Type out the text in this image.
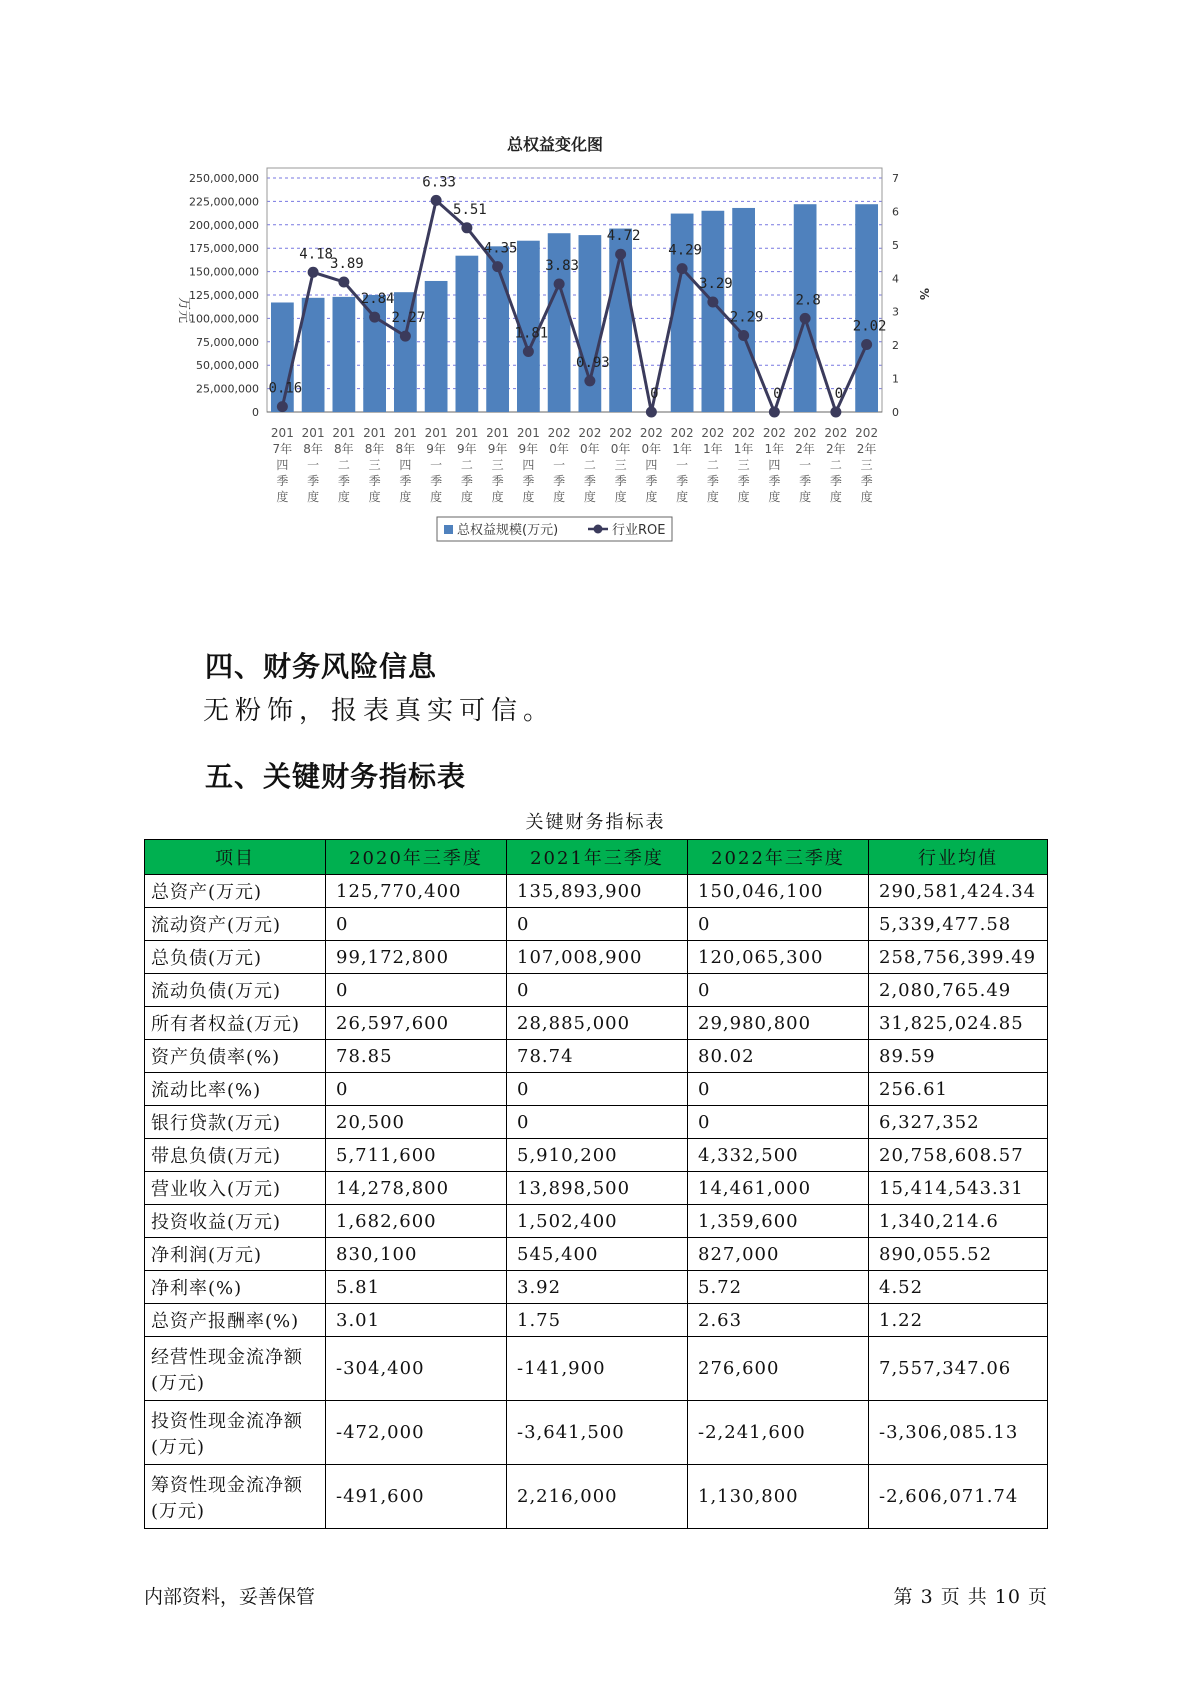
总权益变化图
250,000,000
225,000,000
200,000,000
175,000,000
150,000,000
125,000,000
100,000,000
75,000,000
50,000,000
25,000,000
0
7
6
5
4
3
2
1
0
万元
%
201
7年
四
季
度
201
8年
一
季
度
201
8年
二
季
度
201
8年
三
季
度
201
8年
四
季
度
201
9年
一
季
度
201
9年
二
季
度
201
9年
三
季
度
201
9年
四
季
度
202
0年
一
季
度
202
0年
二
季
度
202
0年
三
季
度
202
0年
四
季
度
202
1年
一
季
度
202
1年
二
季
度
202
1年
三
季
度
202
1年
四
季
度
202
2年
一
季
度
202
2年
二
季
度
202
2年
三
季
度
0.16
4.18
3.89
2.84
2.27
6.33
5.51
4.35
1.81
3.83
0.93
4.72
0
4.29
3.29
2.29
0
2.8
0
2.02
总权益规模(万元)	行业ROE
四、财务风险信息
无粉饰，报表真实可信。
五、关键财务指标表
关键财务指标表
项目	2020年三季度	2021年三季度	2022年三季度	行业均值
总资产(万元)	125,770,400	135,893,900	150,046,100	290,581,424.34
流动资产(万元)	0	0	0	5,339,477.58
总负债(万元)	99,172,800	107,008,900	120,065,300	258,756,399.49
流动负债(万元)	0	0	0	2,080,765.49
所有者权益(万元)	26,597,600	28,885,000	29,980,800	31,825,024.85
资产负债率(%)	78.85	78.74	80.02	89.59
流动比率(%)	0	0	0	256.61
银行贷款(万元)	20,500	0	0	6,327,352
带息负债(万元)	5,711,600	5,910,200	4,332,500	20,758,608.57
营业收入(万元)	14,278,800	13,898,500	14,461,000	15,414,543.31
投资收益(万元)	1,682,600	1,502,400	1,359,600	1,340,214.6
净利润(万元)	830,100	545,400	827,000	890,055.52
净利率(%)	5.81	3.92	5.72	4.52
总资产报酬率(%)	3.01	1.75	2.63	1.22
经营性现金流净额(万元)	-304,400	-141,900	276,600	7,557,347.06
投资性现金流净额(万元)	-472,000	-3,641,500	-2,241,600	-3,306,085.13
筹资性现金流净额(万元)	-491,600	2,216,000	1,130,800	-2,606,071.74
内部资料，妥善保管	第 3 页 共 10 页
